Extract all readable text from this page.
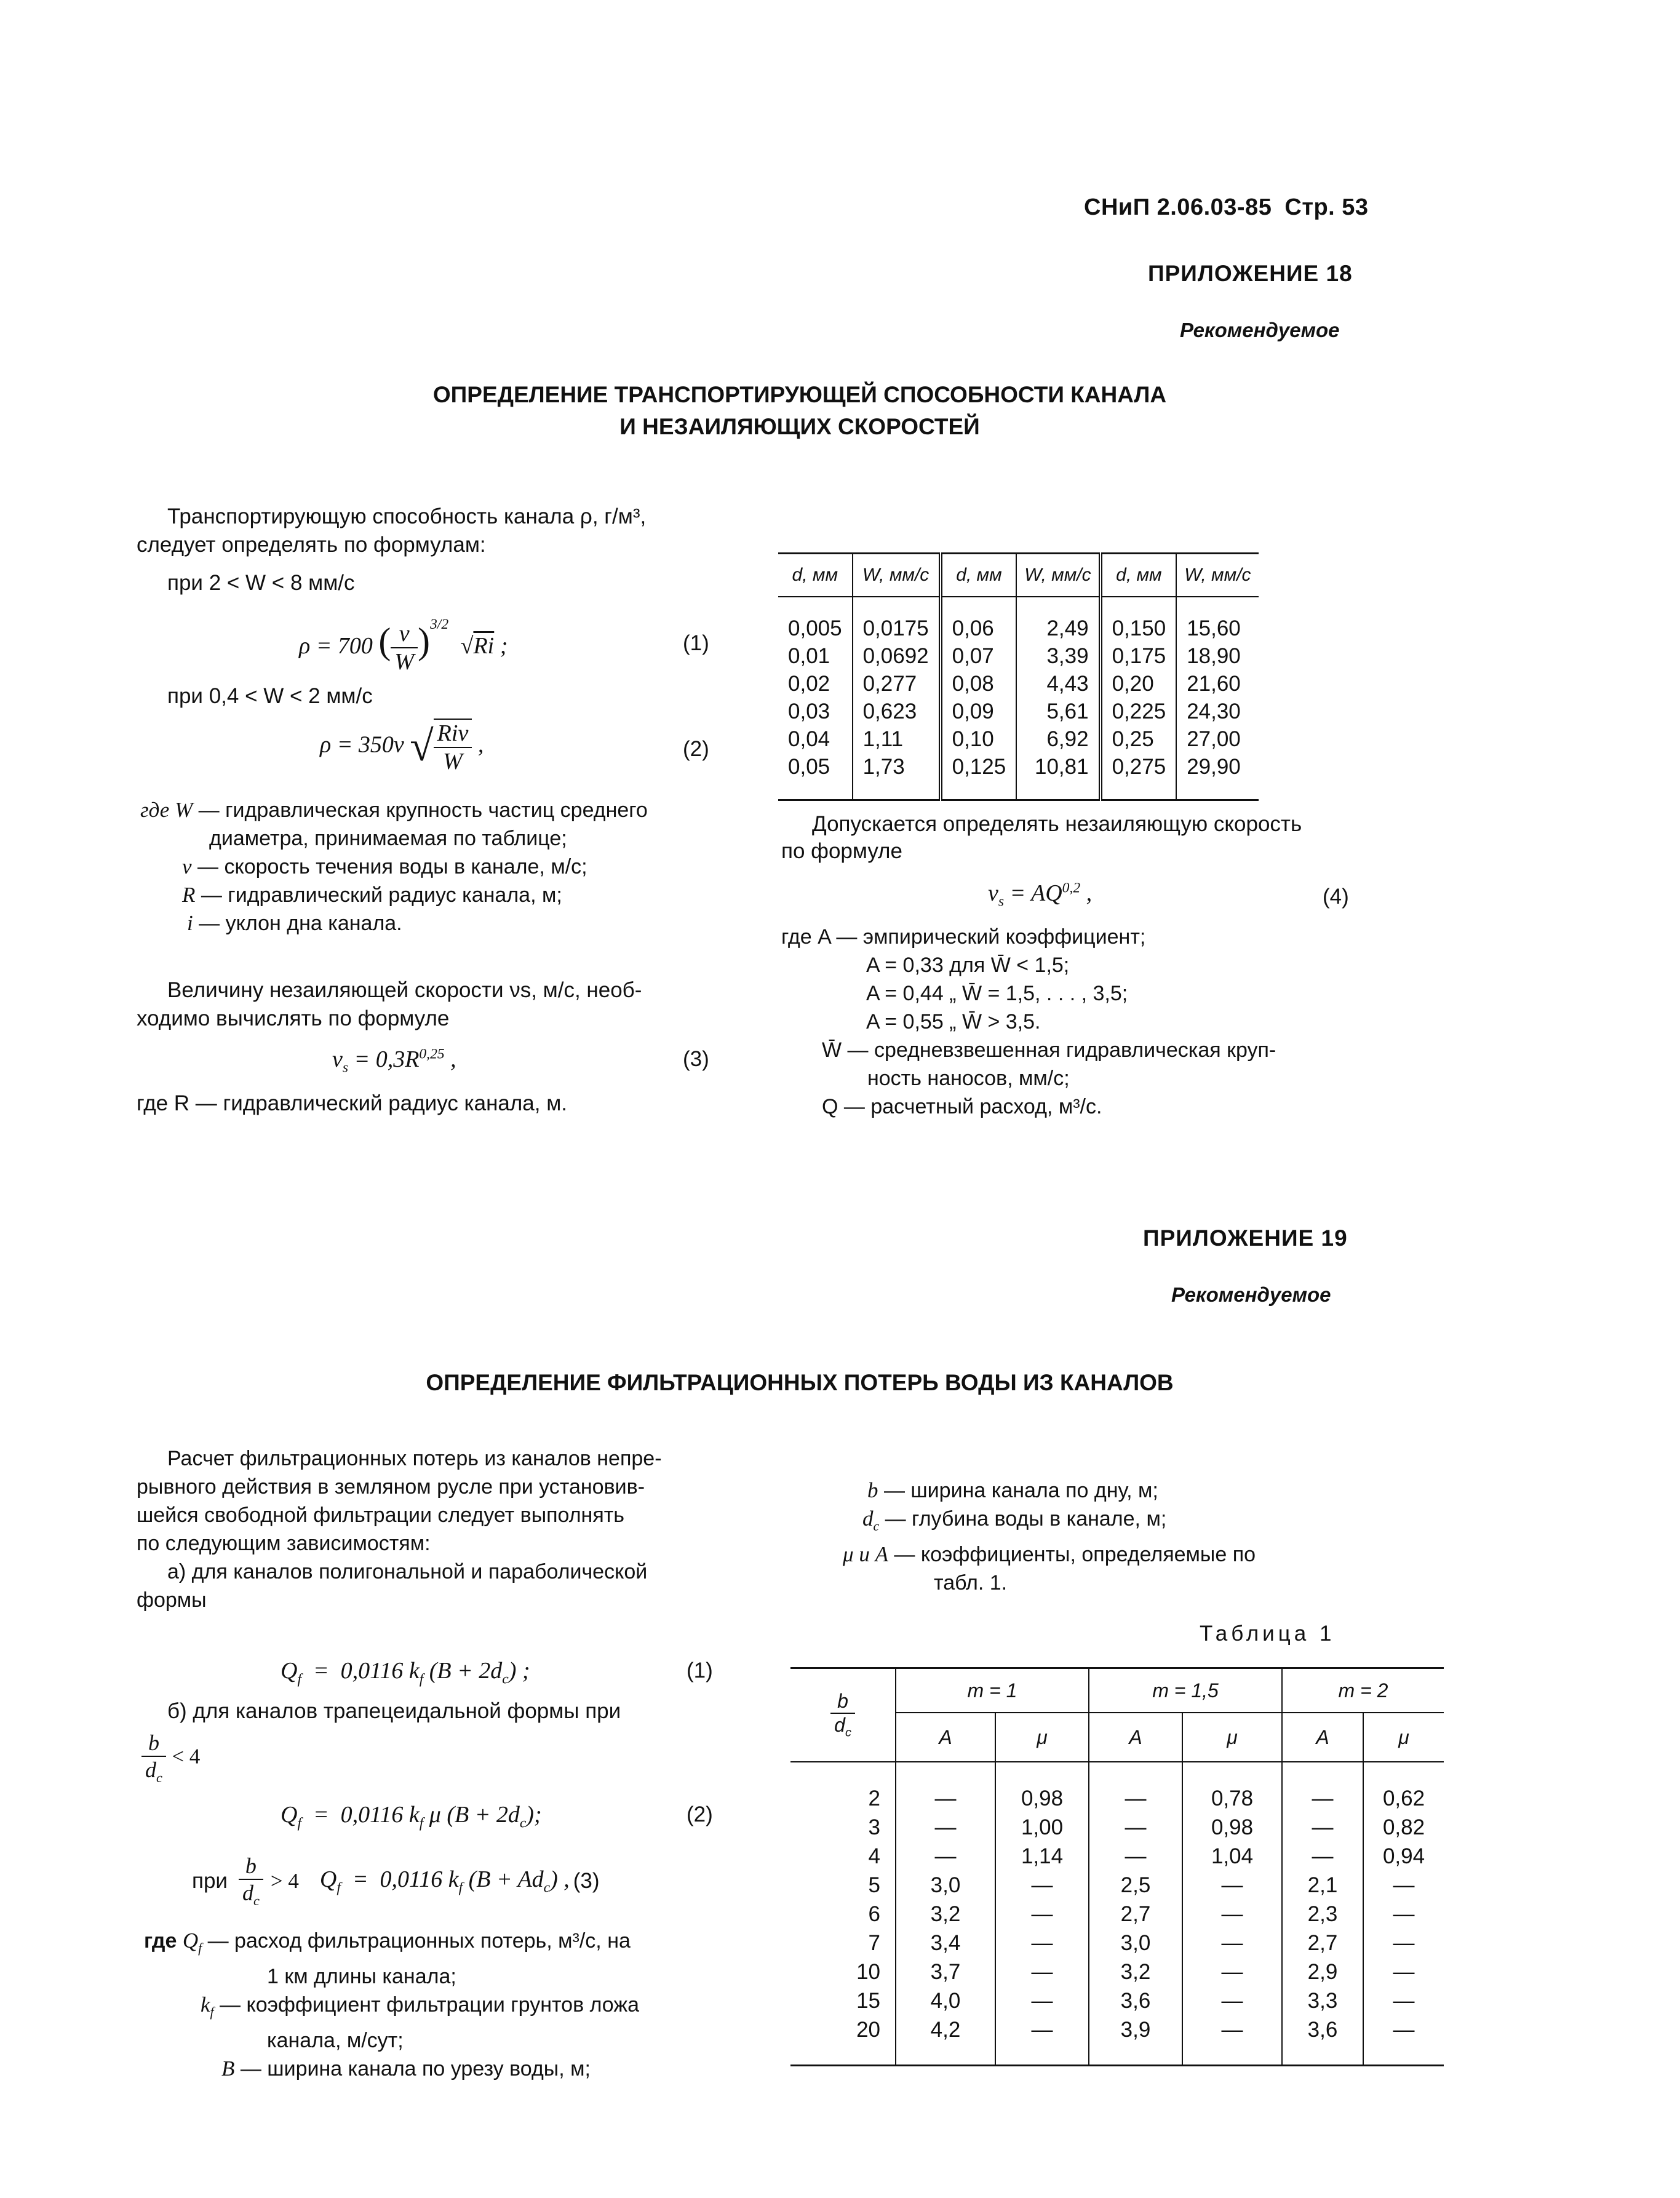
СНиП 2.06.03-85 Стр. 53
ПРИЛОЖЕНИЕ 18
Рекомендуемое
ОПРЕДЕЛЕНИЕ ТРАНСПОРТИРУЮЩЕЙ СПОСОБНОСТИ КАНАЛА
И НЕЗАИЛЯЮЩИХ СКОРОСТЕЙ
Транспортирующую способность канала ρ, г/м³,
следует определять по формулам:
при 2 < W < 8 мм/с
ρ = 700 ( $\frac{\nu}{W} )^{3/2}$ √Ri ;	(1)
при 0,4 < W < 2 мм/с
ρ = 350ν √ $\frac{\text{Riν}}{W}$ ,	(2)
где W — гидравлическая крупность частиц среднего
диаметра, принимаемая по таблице;
ν — скорость течения воды в канале, м/с;
R — гидравлический радиус канала, м;
i — уклон дна канала.
Величину незаиляющей скорости νs, м/с, необ-
ходимо вычислять по формуле
$\nu_s = 0,3R^{0,25}$ ,	(3)
где R — гидравлический радиус канала, м.
d, мм	W, мм/с	d, мм	W, мм/с	d, мм	W, мм/с
0,005	0,0175	0,06	2,49	0,150	15,60
0,01	0,0692	0,07	3,39	0,175	18,90
0,02	0,277	0,08	4,43	0,20	21,60
0,03	0,623	0,09	5,61	0,225	24,30
0,04	1,11	0,10	6,92	0,25	27,00
0,05	1,73	0,125	10,81	0,275	29,90
Допускается определять незаиляющую скорость
по формуле
$\nu_s = AQ^{0,2}$ ,	(4)
где A — эмпирический коэффициент;
A = 0,33 для W̄ < 1,5;
A = 0,44 „ W̄ = 1,5, . . . , 3,5;
A = 0,55 „ W̄ > 3,5.
W̄ — средневзвешенная гидравлическая круп-
ность наносов, мм/с;
Q — расчетный расход, м³/с.
ПРИЛОЖЕНИЕ 19
Рекомендуемое
ОПРЕДЕЛЕНИЕ ФИЛЬТРАЦИОННЫХ ПОТЕРЬ ВОДЫ ИЗ КАНАЛОВ
Расчет фильтрационных потерь из каналов непре-
рывного действия в земляном русле при установив-
шейся свободной фильтрации следует выполнять
по следующим зависимостям:
а) для каналов полигональной и параболической
формы
$Q_f = 0,0116$ $k_f$ $(B + 2d_c)$ ;	(1)
б) для каналов трапецеидальной формы при
$\frac{b}{d_c} < 4$
$Q_f = 0,0116$ $k_f$ μ $(B + 2d_c)$;	(2)
при $\frac{b}{d_c} > 4$ $Q_f = 0,0116$ $k_f$ $(B + Ad_c)$ , (3)
где $Q_f$ — расход фильтрационных потерь, м³/с, на
1 км длины канала;
$k_f$ — коэффициент фильтрации грунтов ложа
канала, м/сут;
B — ширина канала по урезу воды, м;
b — ширина канала по дну, м;
$d_c$ — глубина воды в канале, м;
μ и A — коэффициенты, определяемые по
табл. 1.
Таблица 1
$\frac{b}{d_c}$	m = 1		m = 1,5		m = 2	
	A	μ	A	μ	A	μ
2	—	0,98	—	0,78	—	0,62
3	—	1,00	—	0,98	—	0,82
4	—	1,14	—	1,04	—	0,94
5	3,0	—	2,5	—	2,1	—
6	3,2	—	2,7	—	2,3	—
7	3,4	—	3,0	—	2,7	—
10	3,7	—	3,2	—	2,9	—
15	4,0	—	3,6	—	3,3	—
20	4,2	—	3,9	—	3,6	—
